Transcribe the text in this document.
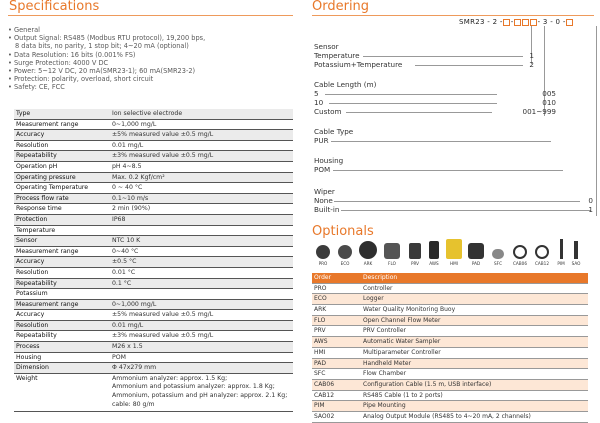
Specifications
• General
• Output Signal: RS485 (Modbus RTU protocol), 19,200 bps,
8 data bits, no parity, 1 stop bit; 4~20 mA (optional)
• Data Resolution: 16 bits (0.001% FS)
• Surge Protection: 4000 V DC
• Power: 5~12 V DC, 20 mA(SMR23-1); 60 mA(SMR23-2)
• Protection: polarity, overload, short circuit
• Safety: CE, FCC
Type	Ion selective electrode
Measurement range	0~1,000 mg/L
Accuracy	±5% measured value ±0.5 mg/L
Resolution	0.01 mg/L
Repeatability	±3% measured value ±0.5 mg/L
Operation pH	pH 4~8.5
Operating pressure	Max. 0.2 Kgf/cm²
Operating Temperature	0 ~ 40 °C
Process flow rate	0.1~10 m/s
Response time	2 min (90%)
Protection	IP68
Temperature
Sensor	NTC 10 K
Measurement range	0~40 °C
Accuracy	±0.5 °C
Resolution	0.01 °C
Repeatability	0.1 °C
Potassium
Measurement range	0~1,000 mg/L
Accuracy	±5% measured value ±0.5 mg/L
Resolution	0.01 mg/L
Repeatability	±3% measured value ±0.5 mg/L
Process	M26 x 1.5
Housing	POM
Dimension	Φ 47x279 mm
Weight	Ammonium analyzer: approx. 1.5 Kg;
Ammonium and potassium analyzer: approx. 1.8 Kg;
Ammonium, potassium and pH analyzer: approx. 2.1 Kg;
cable: 80 g/m
Ordering
SMR23 - 2 - -	- 3 - 0 -
Sensor
Temperature	1
Potassium+Temperature	2
Cable Length (m)
5	005
10	010
Custom	001~999
Cable Type
PUR
Housing
POM
Wiper
None	0
Built-in	1
Optionals
PRO	ECO	ARK	FLO	PRV	AWS	HMI	PAD	SFC	CAB06	CAB12	PIM	SAO
Order	Description
PRO	Controller
ECO	Logger
ARK	Water Quality Monitoring Buoy
FLO	Open Channel Flow Meter
PRV	PRV Controller
AWS	Automatic Water Sampler
HMI	Multiparameter Controller
PAD	Handheld Meter
SFC	Flow Chamber
CAB06	Configuration Cable (1.5 m, USB interface)
CAB12	RS485 Cable (1 to 2 ports)
PIM	Pipe Mounting
SAO02	Analog Output Module (RS485 to 4~20 mA, 2 channels)
